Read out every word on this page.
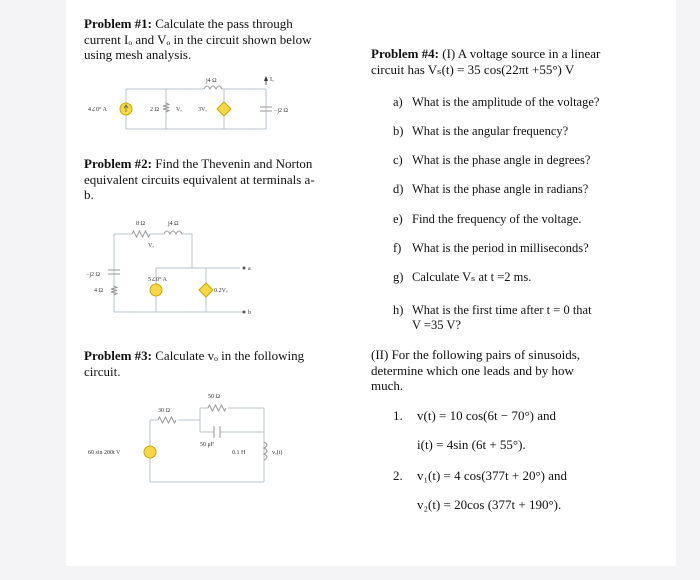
Problem #1: Calculate the pass through
current Iₒ and Vₒ in the circuit shown below
using mesh analysis.
4∠0° A	2 Ω	Vₒ	3Vₒ
j4 Ω
−j2 Ω
Iₒ
Problem #2: Find the Thevenin and Norton
equivalent circuits equivalent at terminals a-
b.
8 Ω	j4 Ω
Vₒ
−j2 Ω
4 Ω
5∠0° A
0.2Vₒ
a
b
Problem #3: Calculate vₒ in the following
circuit.
60 sin 200t V
30 Ω
50 Ω
50 μF
0.1 H	vₒ(t)
Problem #4: (I) A voltage source in a linear
circuit has Vₛ(t) = 35 cos(22πt +55°) V
a) What is the amplitude of the voltage?
b) What is the angular frequency?
c) What is the phase angle in degrees?
d) What is the phase angle in radians?
e) Find the frequency of the voltage.
f) What is the period in milliseconds?
g) Calculate Vₛ at t =2 ms.
h) What is the first time after t = 0 that
V =35 V?
(II) For the following pairs of sinusoids,
determine which one leads and by how
much.
1. v(t) = 10 cos(6t − 70°) and
i(t) = 4sin (6t + 55°).
2. v₁(t) = 4 cos(377t + 20°) and
v₂(t) = 20cos (377t + 190°).
